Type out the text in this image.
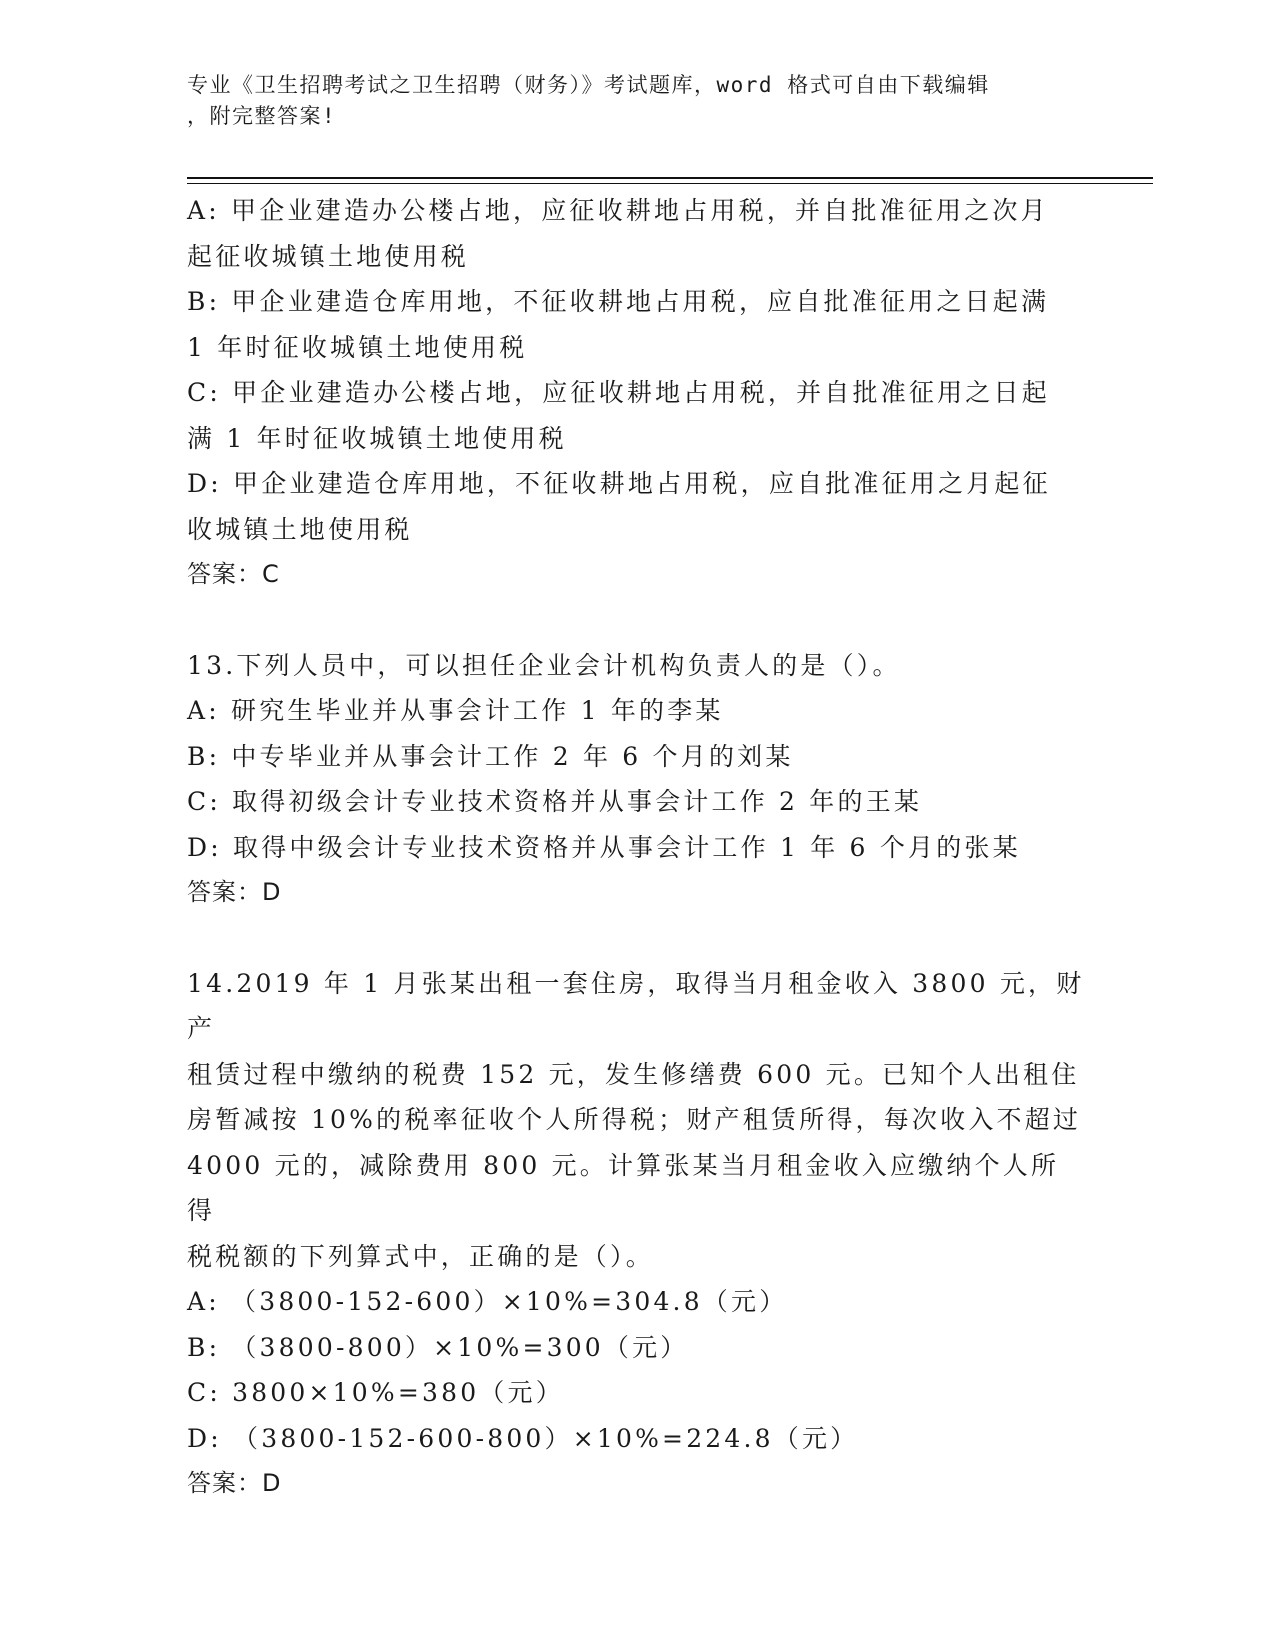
专业《卫生招聘考试之卫生招聘（财务）》考试题库，word 格式可自由下载编辑
，附完整答案!

A: 甲企业建造办公楼占地，应征收耕地占用税，并自批准征用之次月

起征收城镇土地使用税

B: 甲企业建造仓库用地，不征收耕地占用税，应自批准征用之日起满

1 年时征收城镇土地使用税

C: 甲企业建造办公楼占地，应征收耕地占用税，并自批准征用之日起

满 1 年时征收城镇土地使用税

D: 甲企业建造仓库用地，不征收耕地占用税，应自批准征用之月起征

收城镇土地使用税

答案：C

13.下列人员中，可以担任企业会计机构负责人的是（）。

A: 研究生毕业并从事会计工作 1 年的李某

B: 中专毕业并从事会计工作 2 年 6 个月的刘某

C: 取得初级会计专业技术资格并从事会计工作 2 年的王某

D: 取得中级会计专业技术资格并从事会计工作 1 年 6 个月的张某

答案：D

14.2019 年 1 月张某出租一套住房，取得当月租金收入 3800 元，财产

租赁过程中缴纳的税费 152 元，发生修缮费 600 元。已知个人出租住

房暂减按 10%的税率征收个人所得税；财产租赁所得，每次收入不超过

4000 元的，减除费用 800 元。计算张某当月租金收入应缴纳个人所得

税税额的下列算式中，正确的是（）。

A: （3800-152-600）×10%=304.8（元）

B: （3800-800）×10%=300（元）

C: 3800×10%=380（元）

D: （3800-152-600-800）×10%=224.8（元）

答案：D
